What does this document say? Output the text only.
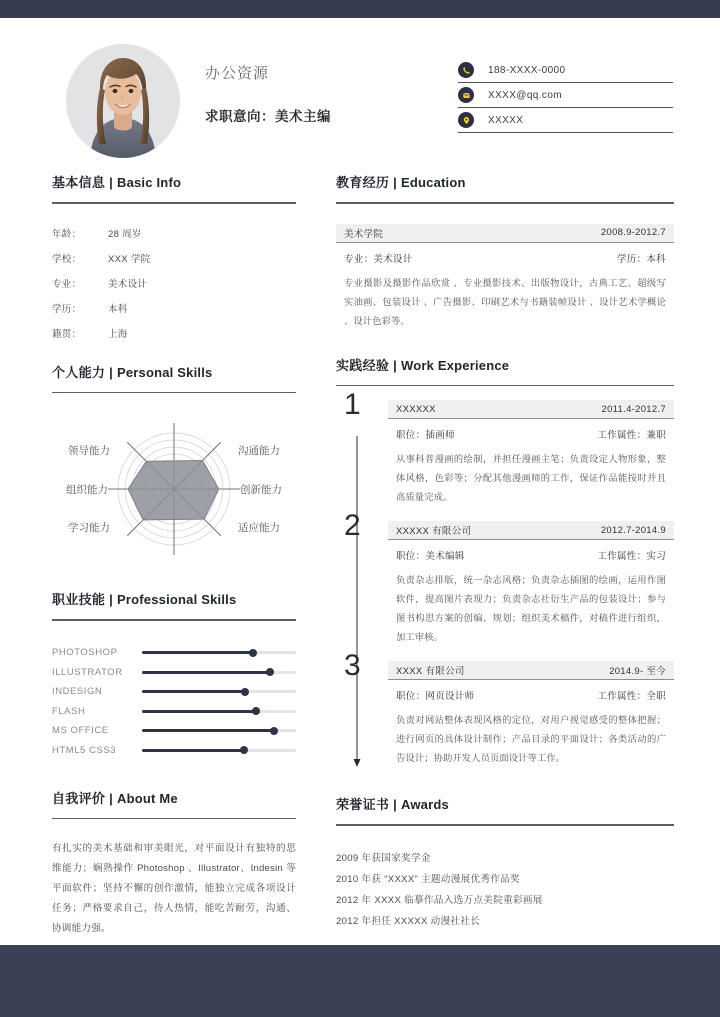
办公资源
求职意向：美术主编
188-XXXX-0000
XXXX@qq.com
XXXXX
基本信息 | Basic Info
年龄：	28 周岁
学校：	XXX 学院
专业：	美术设计
学历：	本科
籍贯：	上海
个人能力 | Personal Skills
沟通能力
创新能力
适应能力
学习能力
组织能力
领导能力
职业技能 | Professional Skills
PHOTOSHOP
ILLUSTRATOR
INDESIGN
FLASH
MS OFFICE
HTML5 CSS3
自我评价 | About Me
有扎实的美术基础和审美眼光，对平面设计有独特的思维能力；娴熟操作 Photoshop 、Illustrator、Indesin 等平面软件；坚持不懈的创作激情，能独立完成各项设计任务；严格要求自己，待人热情，能吃苦耐劳，沟通、协调能力强。
教育经历 | Education
美术学院	2008.9-2012.7
专业：美术设计	学历：本科
专业摄影及摄影作品欣赏 、专业摄影技术、出版物设计，古典工艺、超级写实油画、包装设计 、广告摄影、印刷艺术与书籍装帧设计 、设计艺术学概论 、设计色彩等。
实践经验 | Work Experience
1	XXXXXX	2011.4-2012.7
职位：插画师	工作属性：兼职
从事科普漫画的绘制，并担任漫画主笔；负责设定人物形象，整体风格，色彩等；分配其他漫画师的工作，保证作品能按时并且高质量完成。
2	XXXXX 有限公司	2012.7-2014.9
职位：美术编辑	工作属性：实习
负责杂志排版，统一杂志风格；负责杂志插图的绘画，运用作图软件，提高图片表现力；负责杂志社衍生产品的包装设计；参与图书构思方案的创编、规划；组织美术稿件，对稿件进行组织，加工审核。
3	XXXX 有限公司	2014.9- 至今
职位：网页设计师	工作属性：全职
负责对网站整体表现风格的定位，对用户视觉感受的整体把握；进行网页的具体设计制作；产品目录的平面设计；各类活动的广告设计；协助开发人员页面设计等工作。
荣誉证书 | Awards
2009 年获国家奖学金
2010 年获 “XXXX” 主题动漫展优秀作品奖
2012 年 XXXX 临摹作品入选万点美院重彩画展
2012 年担任 XXXXX 动漫社社长
